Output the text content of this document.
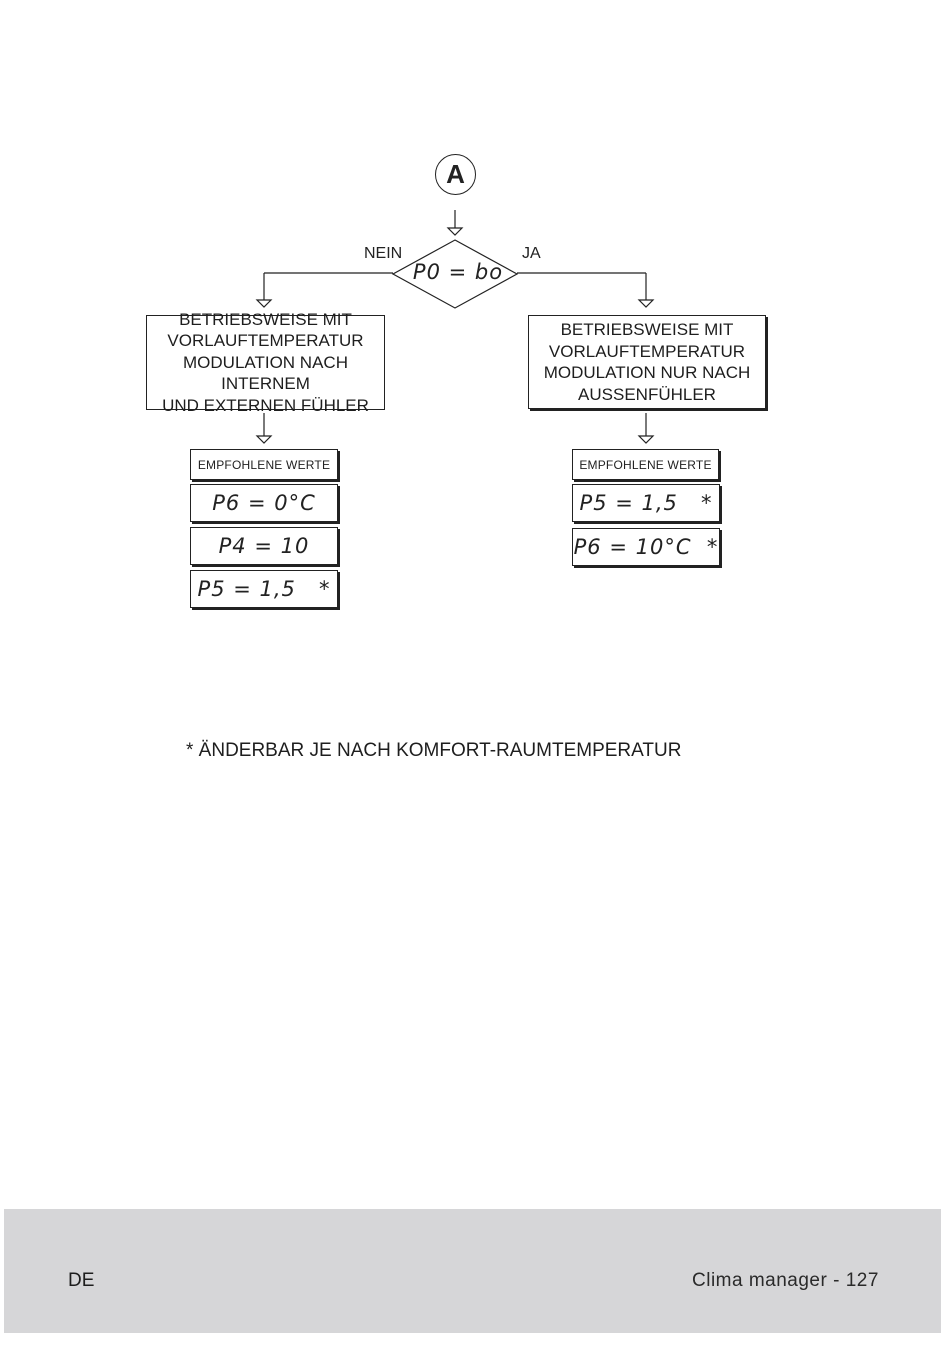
A
NEIN	JA
P0 = bo
BETRIEBSWEISE MIT
VORLAUFTEMPERATUR
MODULATION NACH INTERNEM
UND EXTERNEN FÜHLER
BETRIEBSWEISE MIT
VORLAUFTEMPERATUR
MODULATION NUR NACH
AUSSENFÜHLER
EMPFOHLENE WERTE
P6 = 0°C
P4 = 10
P5 = 1,5   *
EMPFOHLENE WERTE
P5 = 1,5   *
P6 = 10°C  *
* ÄNDERBAR JE NACH KOMFORT-RAUMTEMPERATUR
DE	Clima manager - 127
